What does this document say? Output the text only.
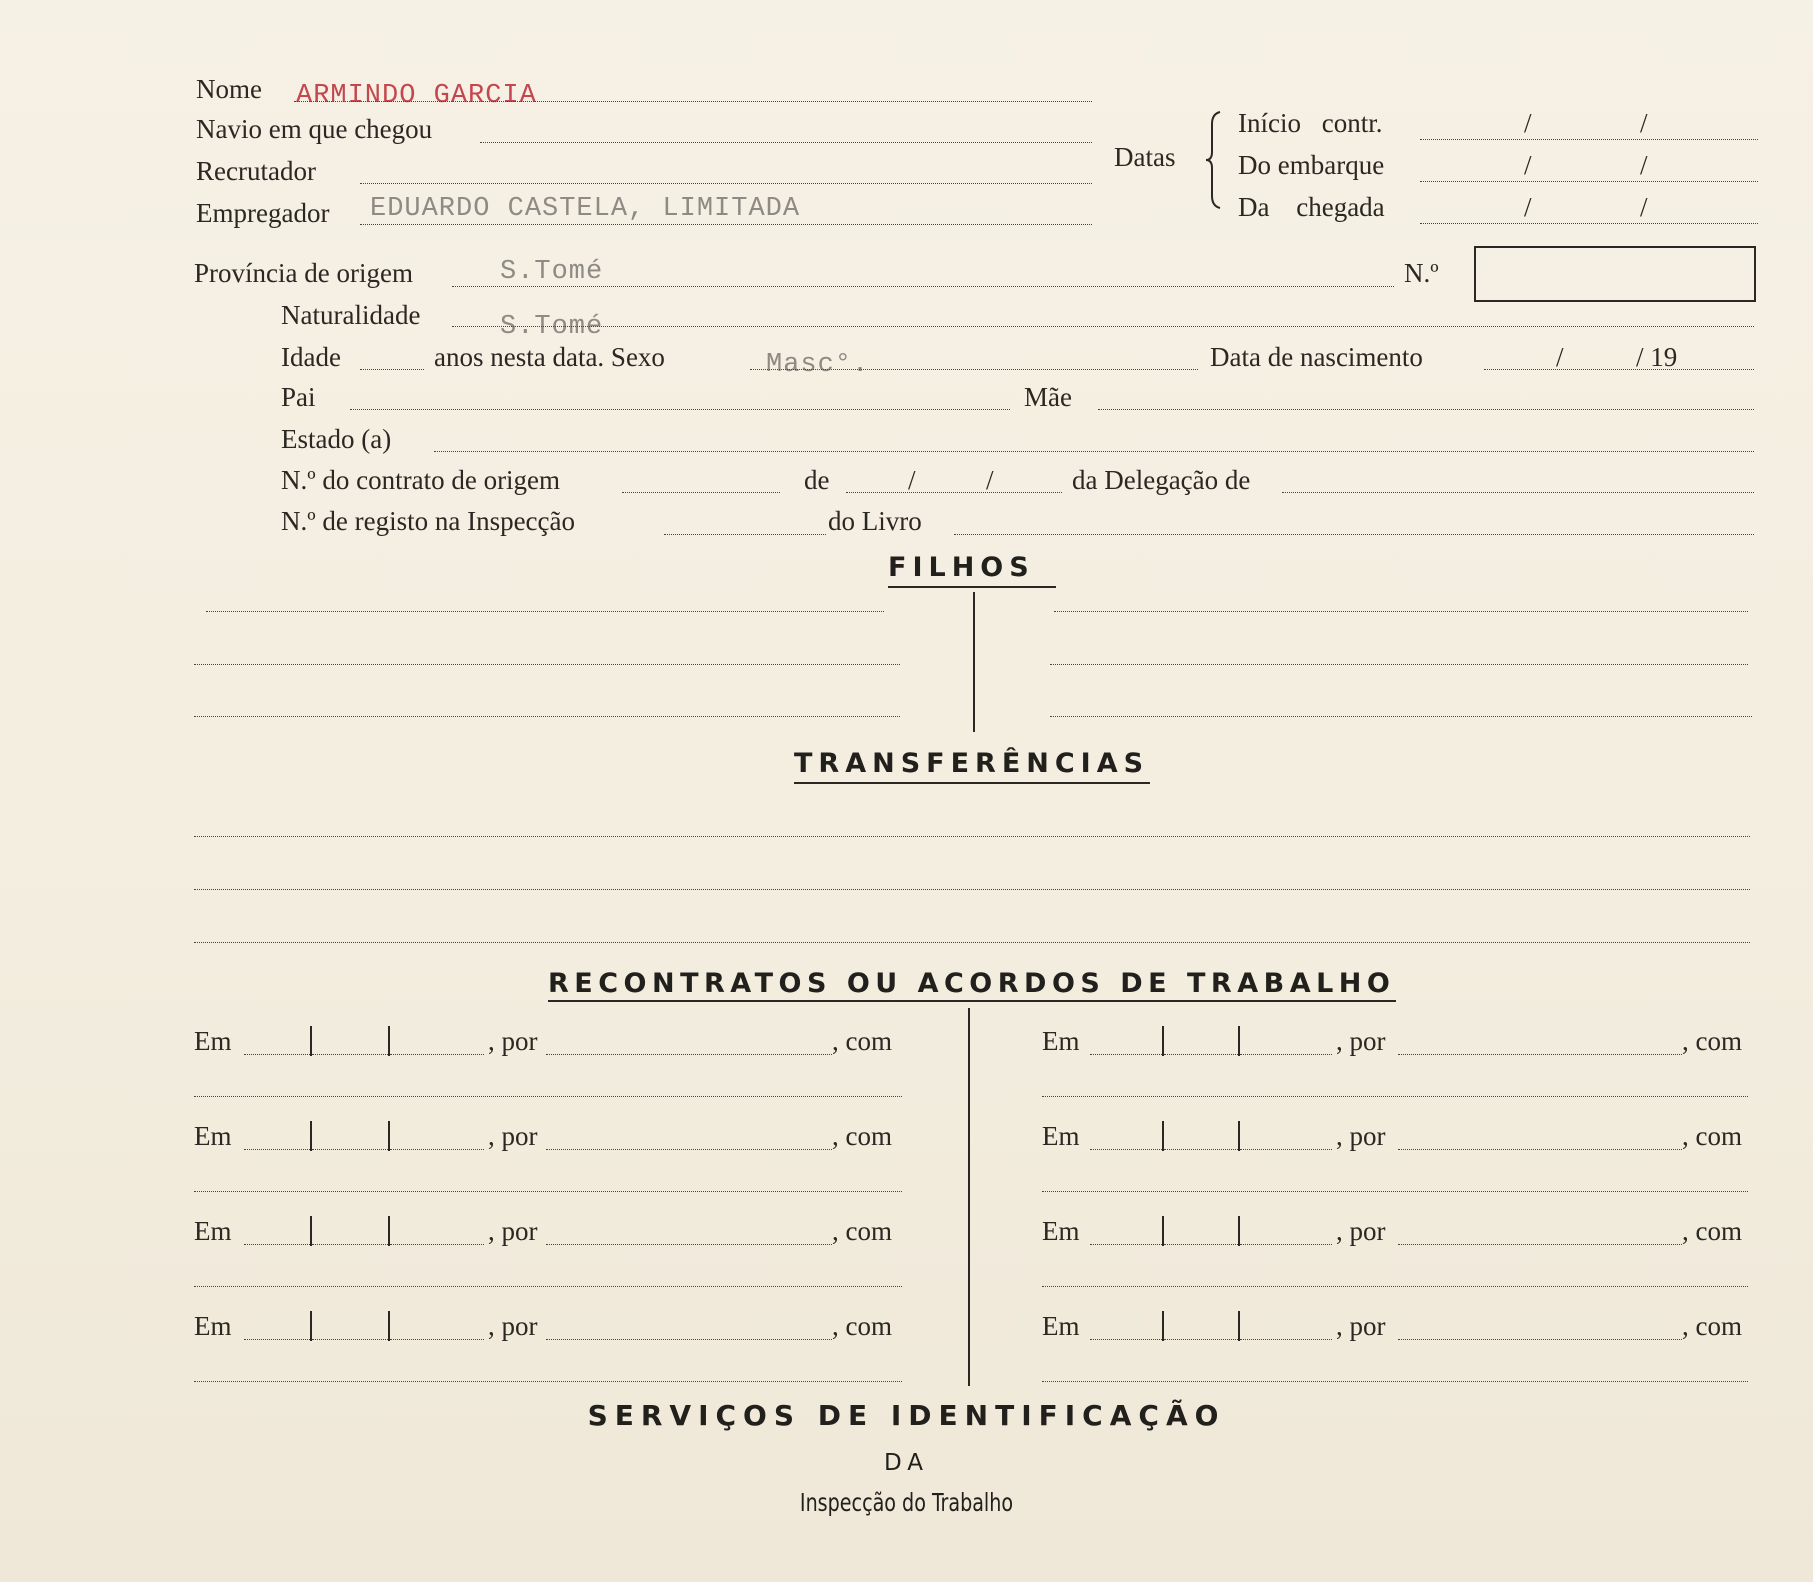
Nome ARMINDO GARCIA
Navio em que chegou
Recrutador
Empregador EDUARDO CASTELA, LIMITADA
Datas
Início contr.	/	/
Do embarque	/	/
Da chegada	/	/
Província de origem	S.Tomé	N.º
Naturalidade	S.Tomé
Idade	anos nesta data. Sexo	Masc°.	Data de nascimento	/	/ 19
Pai	Mãe
Estado (a)
N.º do contrato de origem	de	/	/	da Delegação de
N.º de registo na Inspecção	do Livro
FILHOS
TRANSFERÊNCIAS
RECONTRATOS OU ACORDOS DE TRABALHO
Em	, por	, com	Em	, por	, com
Em	, por	, com	Em	, por	, com
Em	, por	, com	Em	, por	, com
Em	, por	, com	Em	, por	, com
SERVIÇOS DE IDENTIFICAÇÃO
DA
Inspecção do Trabalho
